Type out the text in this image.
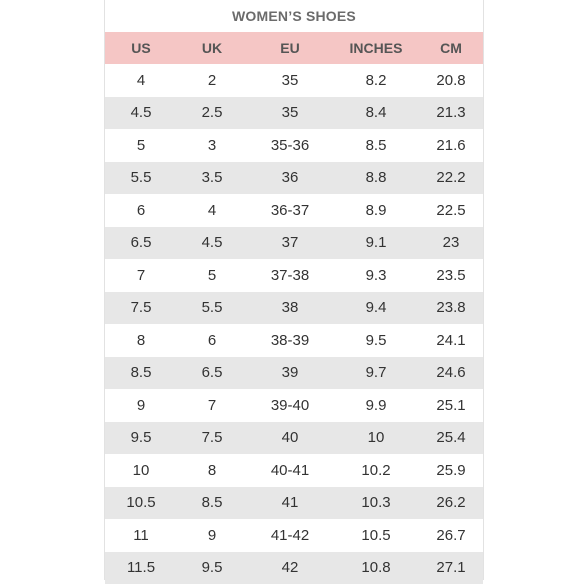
WOMEN’S SHOES
US	UK	EU	INCHES	CM
4	2	35	8.2	20.8
4.5	2.5	35	8.4	21.3
5	3	35-36	8.5	21.6
5.5	3.5	36	8.8	22.2
6	4	36-37	8.9	22.5
6.5	4.5	37	9.1	23
7	5	37-38	9.3	23.5
7.5	5.5	38	9.4	23.8
8	6	38-39	9.5	24.1
8.5	6.5	39	9.7	24.6
9	7	39-40	9.9	25.1
9.5	7.5	40	10	25.4
10	8	40-41	10.2	25.9
10.5	8.5	41	10.3	26.2
11	9	41-42	10.5	26.7
11.5	9.5	42	10.8	27.1
